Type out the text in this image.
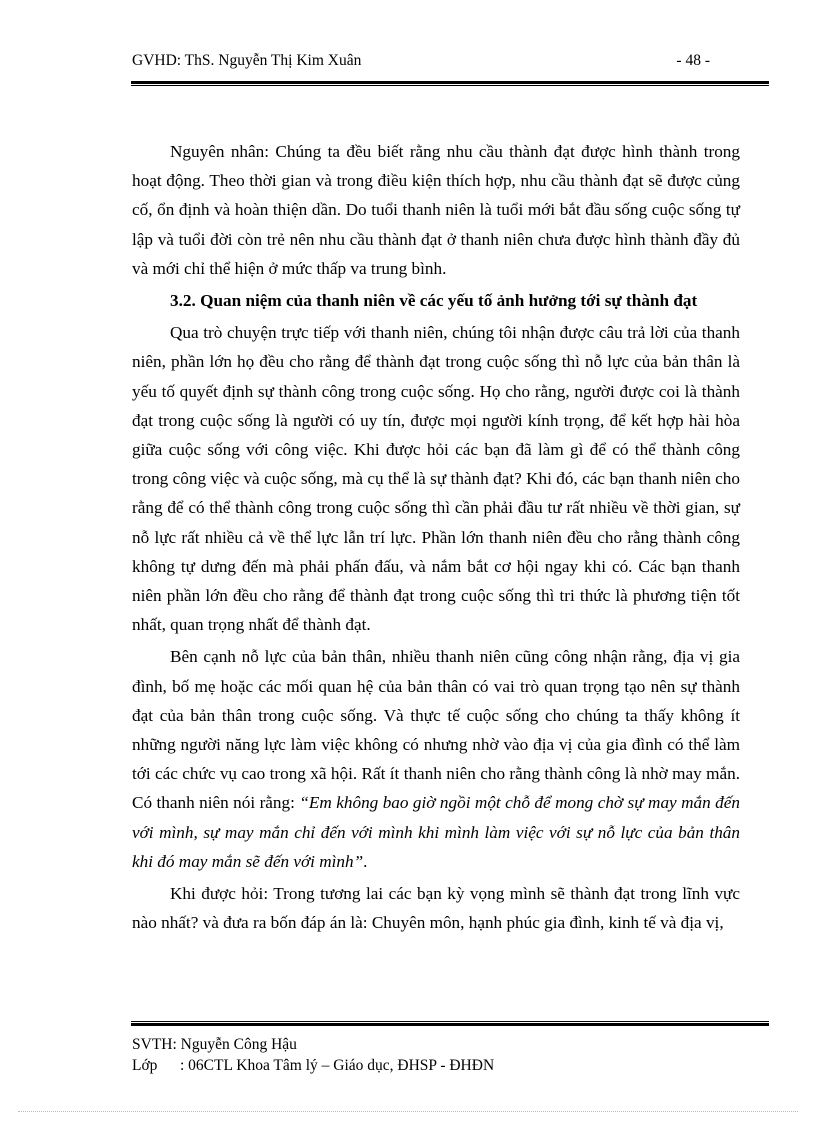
GVHD: ThS. Nguyễn Thị Kim Xuân	- 48 -

Nguyên nhân: Chúng ta đều biết rằng nhu cầu thành đạt được hình thành trong hoạt động. Theo thời gian và trong điều kiện thích hợp, nhu cầu thành đạt sẽ được củng cố, ổn định và hoàn thiện dần. Do tuổi thanh niên là tuổi mới bắt đầu sống cuộc sống tự lập và tuổi đời còn trẻ nên nhu cầu thành đạt ở thanh niên chưa được hình thành đầy đủ và mới chỉ thể hiện ở mức thấp va trung bình.

3.2. Quan niệm của thanh niên về các yếu tố ảnh hưởng tới sự thành đạt

Qua trò chuyện trực tiếp với thanh niên, chúng tôi nhận được câu trả lời của thanh niên, phần lớn họ đều cho rằng để thành đạt trong cuộc sống thì nỗ lực của bản thân là yếu tố quyết định sự thành công trong cuộc sống. Họ cho rằng, người được coi là thành đạt trong cuộc sống là người có uy tín, được mọi người kính trọng, để kết hợp hài hòa giữa cuộc sống với công việc. Khi được hỏi các bạn đã làm gì để có thể thành công trong công việc và cuộc sống, mà cụ thể là sự thành đạt? Khi đó, các bạn thanh niên cho rằng để có thể thành công trong cuộc sống thì cần phải đầu tư rất nhiều về thời gian, sự nỗ lực rất nhiều cả về thể lực lẫn trí lực. Phần lớn thanh niên đều cho rằng thành công không tự dưng đến mà phải phấn đấu, và nắm bắt cơ hội ngay khi có. Các bạn thanh niên phần lớn đều cho rằng để thành đạt trong cuộc sống thì tri thức là phương tiện tốt nhất, quan trọng nhất để thành đạt.

Bên cạnh nỗ lực của bản thân, nhiều thanh niên cũng công nhận rằng, địa vị gia đình, bố mẹ hoặc các mối quan hệ của bản thân có vai trò quan trọng tạo nên sự thành đạt của bản thân trong cuộc sống. Và thực tế cuộc sống cho chúng ta thấy không ít những người năng lực làm việc không có nhưng nhờ vào địa vị của gia đình có thể làm tới các chức vụ cao trong xã hội. Rất ít thanh niên cho rằng thành công là nhờ may mắn. Có thanh niên nói rằng: “Em không bao giờ ngồi một chỗ để mong chờ sự may mắn đến với mình, sự may mắn chỉ đến với mình khi mình làm việc với sự nỗ lực của bản thân khi đó may mắn sẽ đến với mình”.

Khi được hỏi: Trong tương lai các bạn kỳ vọng mình sẽ thành đạt trong lĩnh vực nào nhất? và đưa ra bốn đáp án là: Chuyên môn, hạnh phúc gia đình, kinh tế và địa vị,

SVTH: Nguyễn Công Hậu
Lớp	: 06CTL Khoa Tâm lý – Giáo dục, ĐHSP - ĐHĐN
